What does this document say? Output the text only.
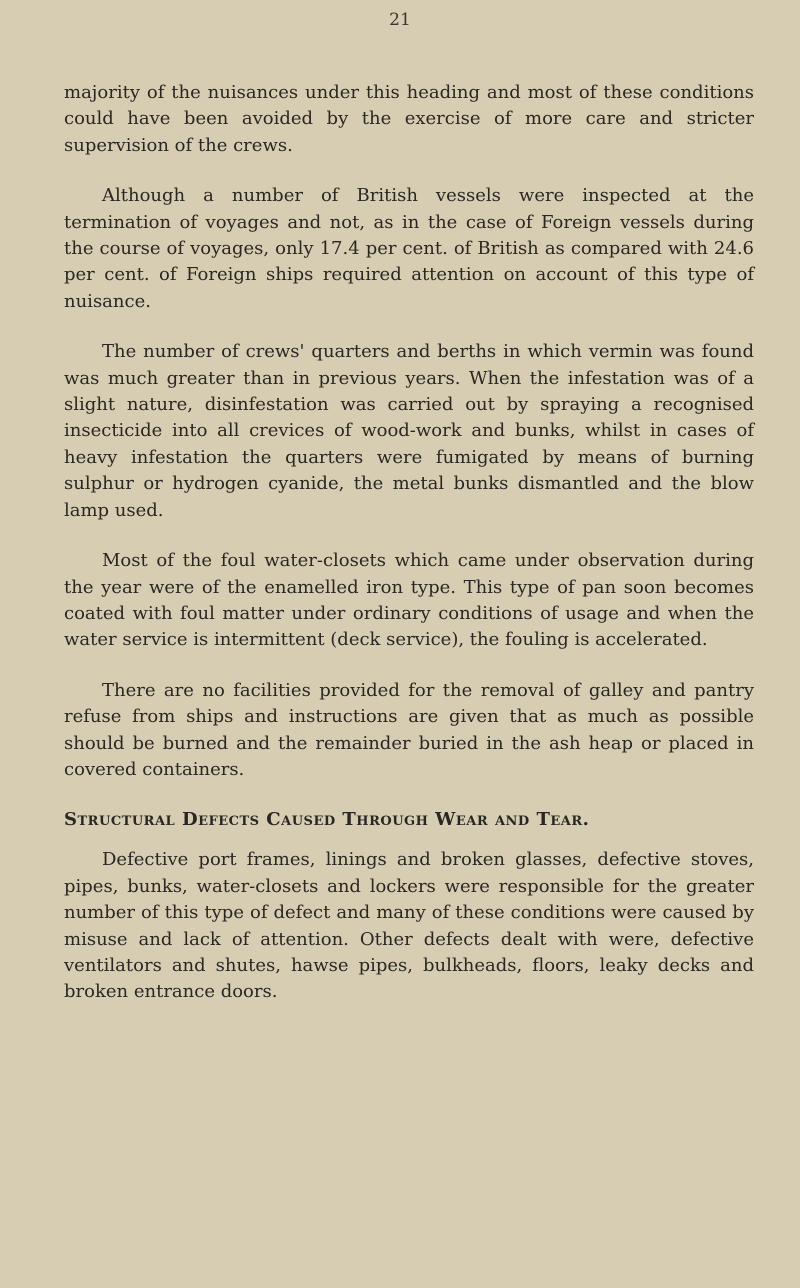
21

majority of the nuisances under this heading and most of these conditions could have been avoided by the exercise of more care and stricter supervision of the crews.

Although a number of British vessels were inspected at the termination of voyages and not, as in the case of Foreign vessels during the course of voyages, only 17.4 per cent. of British as compared with 24.6 per cent. of Foreign ships required attention on account of this type of nuisance.

The number of crews' quarters and berths in which vermin was found was much greater than in previous years. When the infestation was of a slight nature, disinfestation was carried out by spraying a recognised insecticide into all crevices of wood-work and bunks, whilst in cases of heavy infestation the quarters were fumigated by means of burning sulphur or hydrogen cyanide, the metal bunks dismantled and the blow lamp used.

Most of the foul water-closets which came under observation during the year were of the enamelled iron type. This type of pan soon becomes coated with foul matter under ordinary conditions of usage and when the water service is intermittent (deck service), the fouling is accelerated.

There are no facilities provided for the removal of galley and pantry refuse from ships and instructions are given that as much as possible should be burned and the remainder buried in the ash heap or placed in covered containers.

Structural Defects Caused Through Wear and Tear.

Defective port frames, linings and broken glasses, defective stoves, pipes, bunks, water-closets and lockers were responsible for the greater number of this type of defect and many of these conditions were caused by misuse and lack of attention. Other defects dealt with were, defective ventilators and shutes, hawse pipes, bulkheads, floors, leaky decks and broken entrance doors.
